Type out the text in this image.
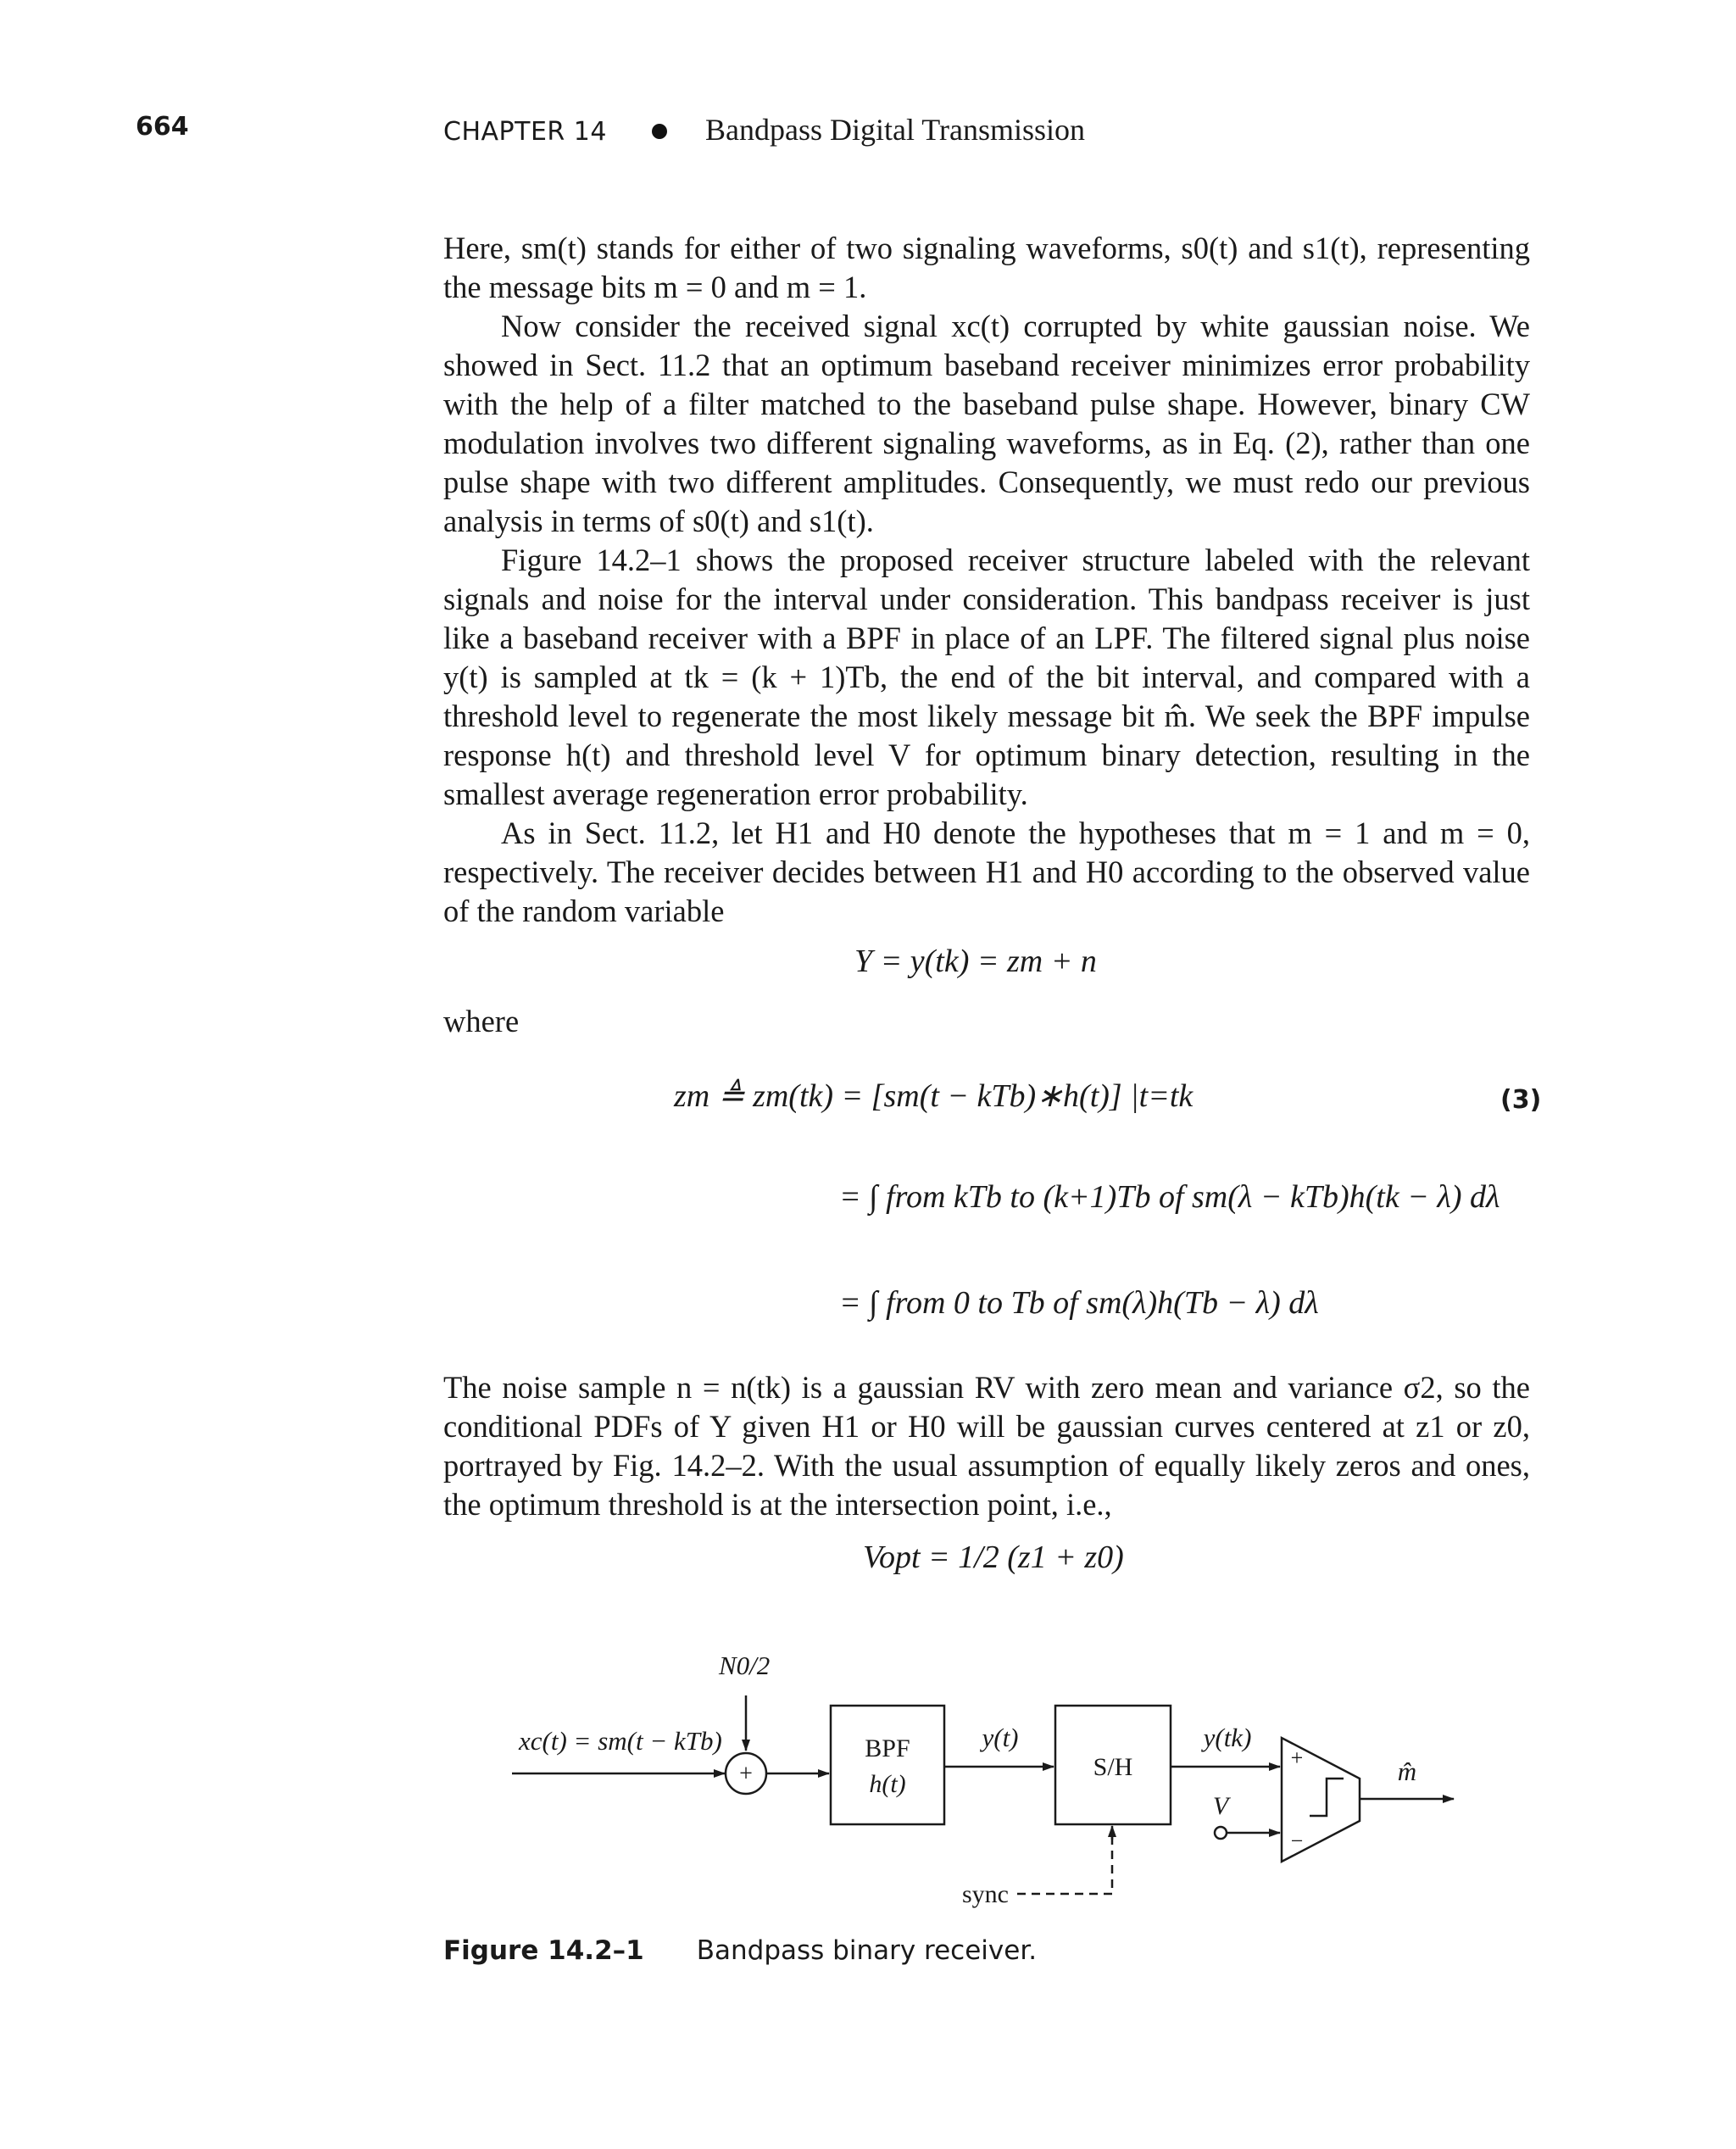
664	CHAPTER 14	Bandpass Digital Transmission

Here, sm(t) stands for either of two signaling waveforms, s0(t) and s1(t), representing the message bits m = 0 and m = 1.

Now consider the received signal xc(t) corrupted by white gaussian noise. We showed in Sect. 11.2 that an optimum baseband receiver minimizes error probability with the help of a filter matched to the baseband pulse shape. However, binary CW modulation involves two different signaling waveforms, as in Eq. (2), rather than one pulse shape with two different amplitudes. Consequently, we must redo our previous analysis in terms of s0(t) and s1(t).

Figure 14.2–1 shows the proposed receiver structure labeled with the relevant signals and noise for the interval under consideration. This bandpass receiver is just like a baseband receiver with a BPF in place of an LPF. The filtered signal plus noise y(t) is sampled at tk = (k + 1)Tb, the end of the bit interval, and compared with a threshold level to regenerate the most likely message bit m̂. We seek the BPF impulse response h(t) and threshold level V for optimum binary detection, resulting in the smallest average regeneration error probability.

As in Sect. 11.2, let H1 and H0 denote the hypotheses that m = 1 and m = 0, respectively. The receiver decides between H1 and H0 according to the observed value of the random variable

Y = y(tk) = zm + n

where

zm ≜ zm(tk) = [sm(t − kTb)∗h(t)] |t=tk
= ∫ from kTb to (k+1)Tb of sm(λ − kTb)h(tk − λ) dλ
= ∫ from 0 to Tb of sm(λ)h(Tb − λ) dλ
(3)

The noise sample n = n(tk) is a gaussian RV with zero mean and variance σ2, so the conditional PDFs of Y given H1 or H0 will be gaussian curves centered at z1 or z0, portrayed by Fig. 14.2–2. With the usual assumption of equally likely zeros and ones, the optimum threshold is at the intersection point, i.e.,

Vopt = 1/2 (z1 + z0)
xc(t) = sm(t − kTb)
N0/2
+
BPF
h(t)
y(t)
S/H
y(tk)
V
+
−
m̂
sync
Figure 14.2–1 Bandpass binary receiver.
